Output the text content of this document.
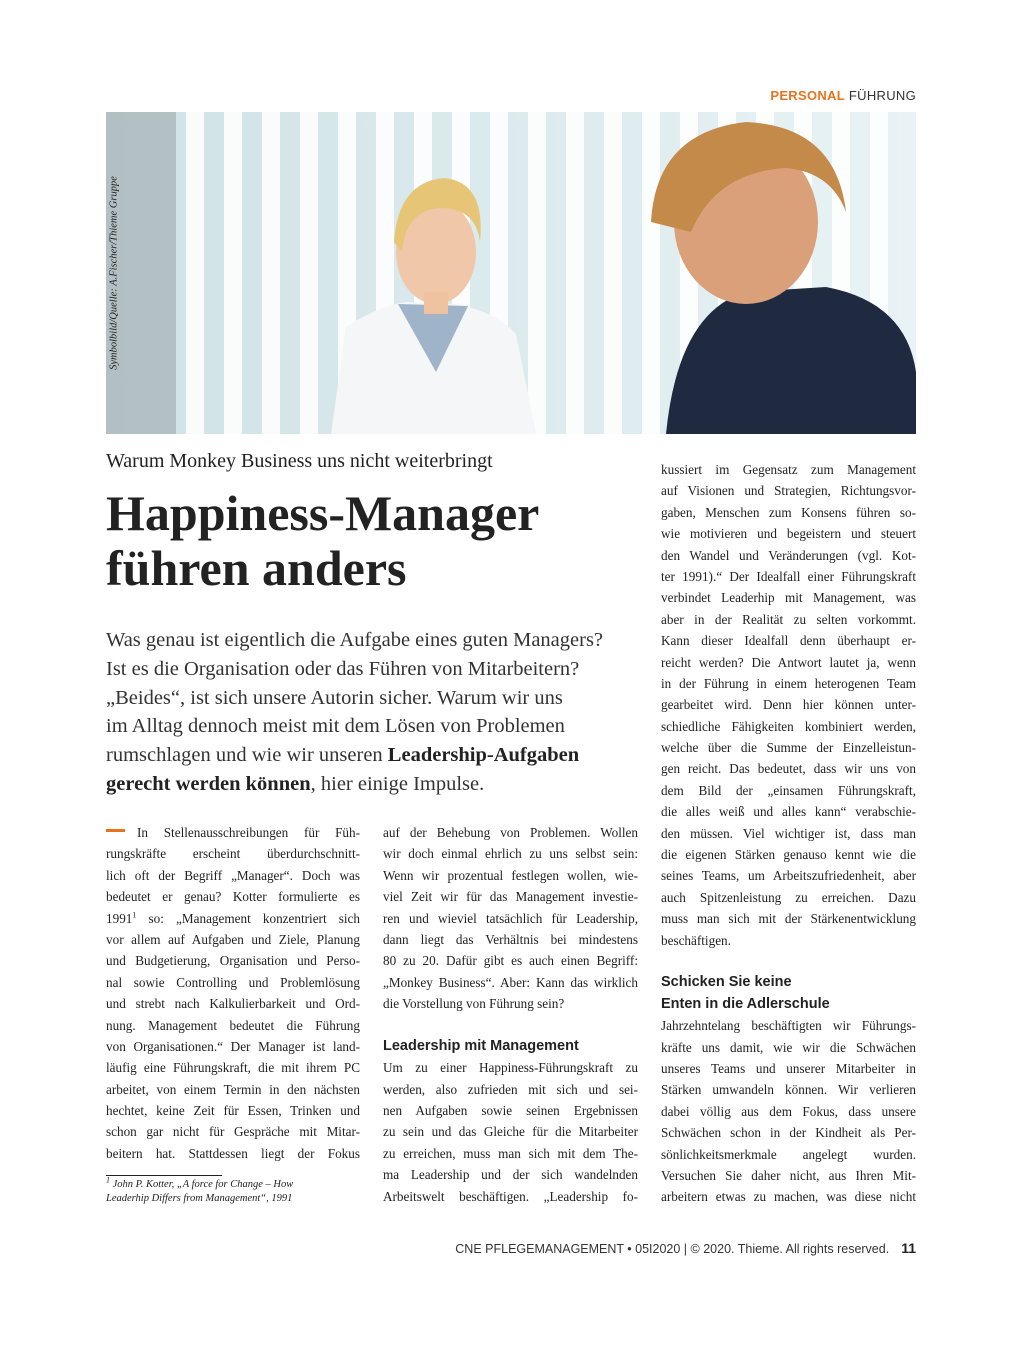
PERSONAL FÜHRUNG
Symbolbild/Quelle: A.Fischer/Thieme Gruppe
Warum Monkey Business uns nicht weiterbringt
Happiness-Manager
führen anders
Was genau ist eigentlich die Aufgabe eines guten Managers?
Ist es die Organisation oder das Führen von Mitarbeitern?
„Beides“, ist sich unsere Autorin sicher. Warum wir uns
im Alltag dennoch meist mit dem Lösen von Problemen
rumschlagen und wie wir unseren Leadership-Aufgaben
gerecht werden können, hier einige Impulse.
In Stellenausschreibungen für Füh-
rungskräfte erscheint überdurchschnitt-
lich oft der Begriff „Manager“. Doch was
bedeutet er genau? Kotter formulierte es
1991$^1$ so: „Management konzentriert sich
vor allem auf Aufgaben und Ziele, Planung
und Budgetierung, Organisation und Perso-
nal sowie Controlling und Problemlösung
und strebt nach Kalkulierbarkeit und Ord-
nung. Management bedeutet die Führung
von Organisationen.“ Der Manager ist land-
läufig eine Führungskraft, die mit ihrem PC
arbeitet, von einem Termin in den nächsten
hechtet, keine Zeit für Essen, Trinken und
schon gar nicht für Gespräche mit Mitar-
beitern hat. Stattdessen liegt der Fokus
$^1$ John P. Kotter, „A force for Change – How
Leaderhip Differs from Management“, 1991
auf der Behebung von Problemen. Wollen
wir doch einmal ehrlich zu uns selbst sein:
Wenn wir prozentual festlegen wollen, wie-
viel Zeit wir für das Management investie-
ren und wieviel tatsächlich für Leadership,
dann liegt das Verhältnis bei mindestens
80 zu 20. Dafür gibt es auch einen Begriff:
„Monkey Business“. Aber: Kann das wirklich
die Vorstellung von Führung sein?
Leadership mit Management
Um zu einer Happiness-Führungskraft zu
werden, also zufrieden mit sich und sei-
nen Aufgaben sowie seinen Ergebnissen
zu sein und das Gleiche für die Mitarbeiter
zu erreichen, muss man sich mit dem The-
ma Leadership und der sich wandelnden
Arbeitswelt beschäftigen. „Leadership fo-
kussiert im Gegensatz zum Management
auf Visionen und Strategien, Richtungsvor-
gaben, Menschen zum Konsens führen so-
wie motivieren und begeistern und steuert
den Wandel und Veränderungen (vgl. Kot-
ter 1991).“ Der Idealfall einer Führungskraft
verbindet Leaderhip mit Management, was
aber in der Realität zu selten vorkommt.
Kann dieser Idealfall denn überhaupt er-
reicht werden? Die Antwort lautet ja, wenn
in der Führung in einem heterogenen Team
gearbeitet wird. Denn hier können unter-
schiedliche Fähigkeiten kombiniert werden,
welche über die Summe der Einzelleistun-
gen reicht. Das bedeutet, dass wir uns von
dem Bild der „einsamen Führungskraft,
die alles weiß und alles kann“ verabschie-
den müssen. Viel wichtiger ist, dass man
die eigenen Stärken genauso kennt wie die
seines Teams, um Arbeitszufriedenheit, aber
auch Spitzenleistung zu erreichen. Dazu
muss man sich mit der Stärkenentwicklung
beschäftigen.
Schicken Sie keine
Enten in die Adlerschule
Jahrzehntelang beschäftigten wir Führungs-
kräfte uns damit, wie wir die Schwächen
unseres Teams und unserer Mitarbeiter in
Stärken umwandeln können. Wir verlieren
dabei völlig aus dem Fokus, dass unsere
Schwächen schon in der Kindheit als Per-
sönlichkeitsmerkmale angelegt wurden.
Versuchen Sie daher nicht, aus Ihren Mit-
arbeitern etwas zu machen, was diese nicht
CNE PFLEGEMANAGEMENT • 05I2020 | © 2020. Thieme. All rights reserved. 11
